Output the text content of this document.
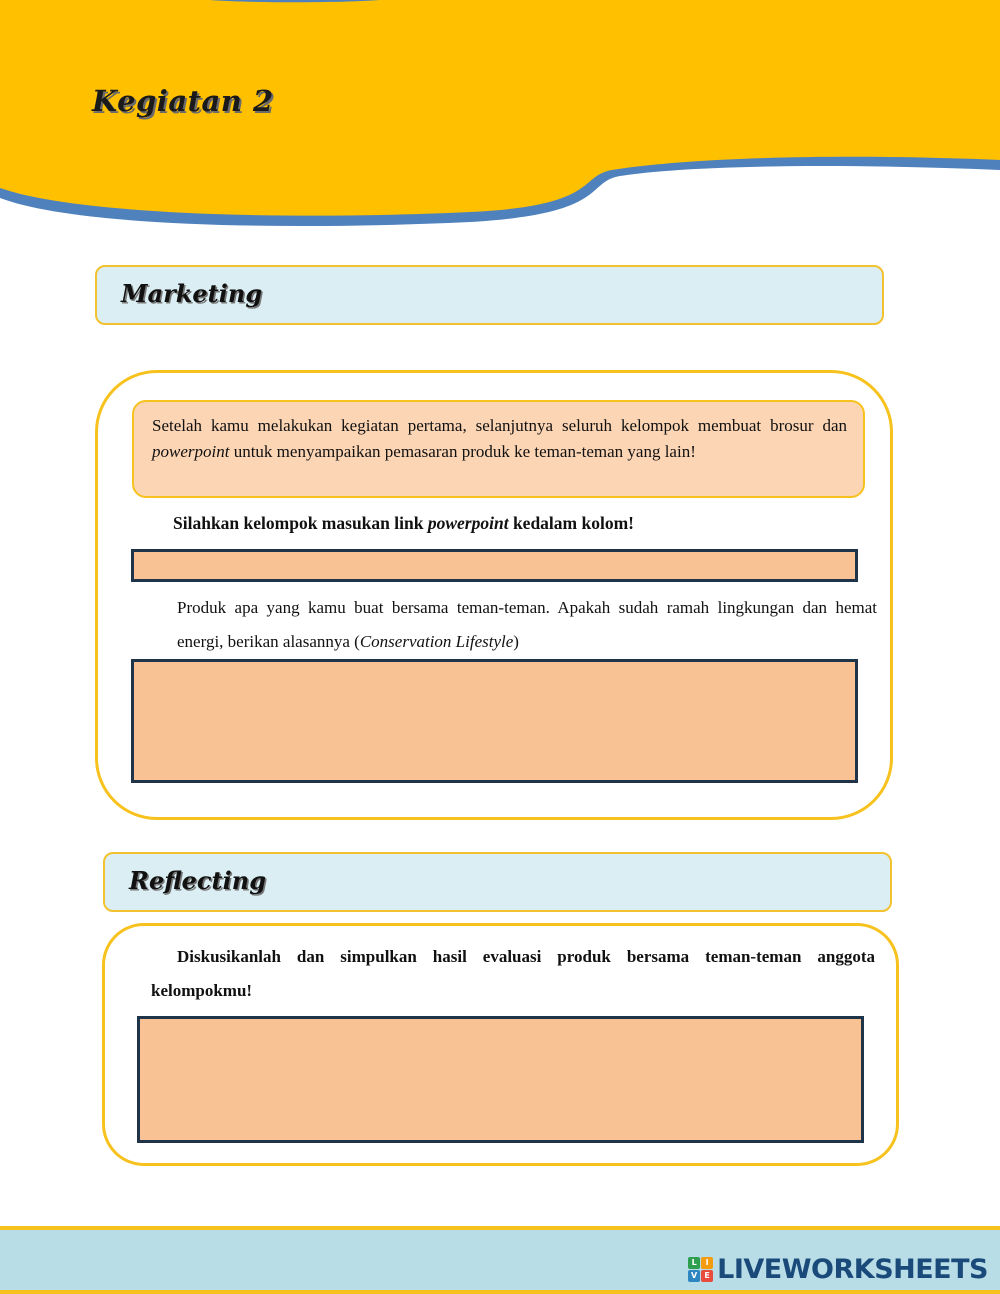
Kegiatan 2
Marketing
Setelah kamu melakukan kegiatan pertama, selanjutnya seluruh kelompok membuat brosur dan powerpoint untuk menyampaikan pemasaran produk ke teman-teman yang lain!
Silahkan kelompok masukan link powerpoint kedalam kolom!
Produk apa yang kamu buat bersama teman-teman. Apakah sudah ramah lingkungan dan hemat energi, berikan alasannya (Conservation Lifestyle)
Reflecting
Diskusikanlah dan simpulkan hasil evaluasi produk bersama teman-teman anggota kelompokmu!
L	I
V E LIVEWORKSHEETS
